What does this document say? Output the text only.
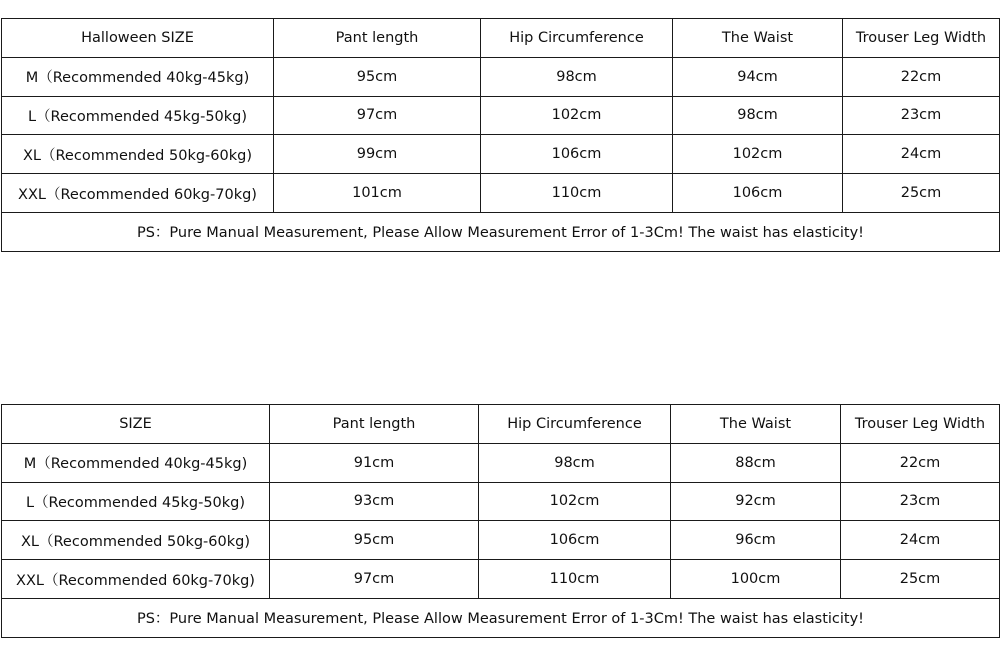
Halloween SIZE	Pant length	Hip Circumference	The Waist	Trouser Leg Width
M（Recommended 40kg-45kg)	95cm	98cm	94cm	22cm
L（Recommended 45kg-50kg)	97cm	102cm	98cm	23cm
XL（Recommended 50kg-60kg)	99cm	106cm	102cm	24cm
XXL（Recommended 60kg-70kg)	101cm	110cm	106cm	25cm
PS：Pure Manual Measurement, Please Allow Measurement Error of 1-3Cm! The waist has elasticity!				
SIZE	Pant length	Hip Circumference	The Waist	Trouser Leg Width
M（Recommended 40kg-45kg)	91cm	98cm	88cm	22cm
L（Recommended 45kg-50kg)	93cm	102cm	92cm	23cm
XL（Recommended 50kg-60kg)	95cm	106cm	96cm	24cm
XXL（Recommended 60kg-70kg)	97cm	110cm	100cm	25cm
PS：Pure Manual Measurement, Please Allow Measurement Error of 1-3Cm! The waist has elasticity!				
